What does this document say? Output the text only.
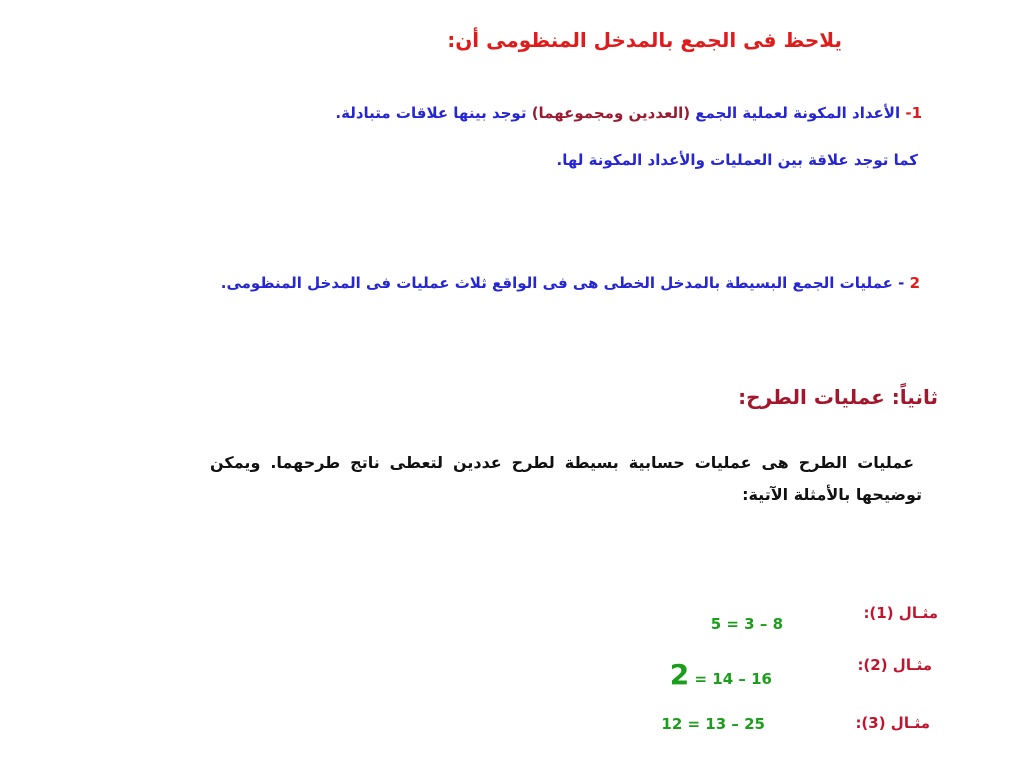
يلاحظ فى الجمع بالمدخل المنظومى أن:
1- الأعداد المكونة لعملية الجمع (العددين ومجموعهما) توجد بينها علاقات متبادلة.
كما توجد علاقة بين العمليات والأعداد المكونة لها.
2 - عمليات الجمع البسيطة بالمدخل الخطى هى فى الواقع ثلاث عمليات فى المدخل المنظومى.
ثانياً: عمليات الطرح:
عمليات الطرح هى عمليات حسابية بسيطة لطرح عددين لتعطى ناتج طرحهما. ويمكن توضيحها بالأمثلة الآتية:
مثـال (1):
8 – 3 = 5
مثـال (2):
16 – 14 = 2
مثـال (3):
25 – 13 = 12
